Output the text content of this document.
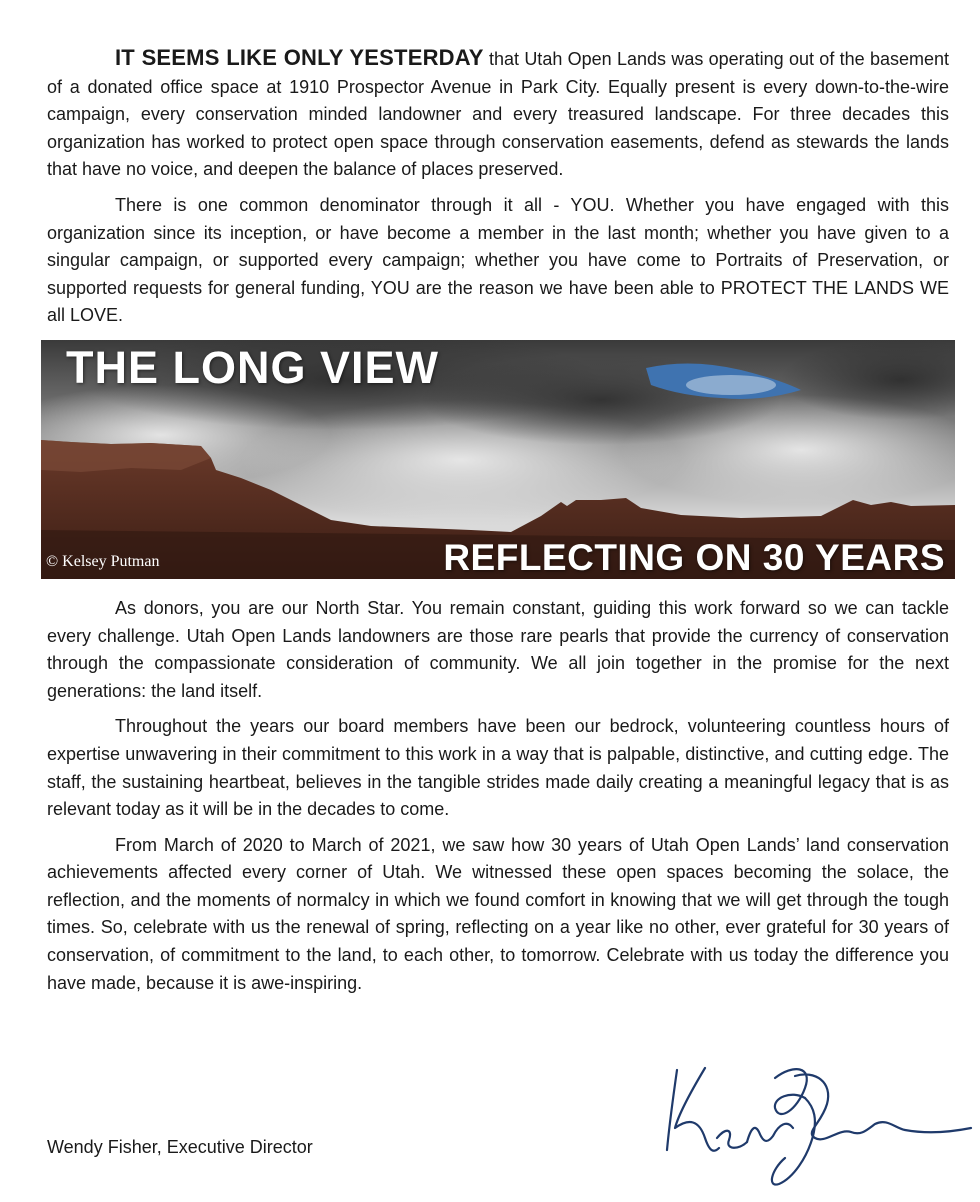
IT SEEMS LIKE ONLY YESTERDAY that Utah Open Lands was operating out of the basement of a donated office space at 1910 Prospector Avenue in Park City. Equally present is every down-to-the-wire campaign, every conservation minded landowner and every treasured landscape. For three decades this organization has worked to protect open space through conservation easements, defend as stewards the lands that have no voice, and deepen the balance of places preserved.

There is one common denominator through it all - YOU. Whether you have engaged with this organization since its inception, or have become a member in the last month; whether you have given to a singular campaign, or supported every campaign; whether you have come to Portraits of Preservation, or supported requests for general funding, YOU are the reason we have been able to PROTECT THE LANDS WE all LOVE.

THE LONG VIEW
© Kelsey Putman	REFLECTING ON 30 YEARS

As donors, you are our North Star. You remain constant, guiding this work forward so we can tackle every challenge. Utah Open Lands landowners are those rare pearls that provide the currency of conservation through the compassionate consideration of community. We all join together in the promise for the next generations: the land itself.

Throughout the years our board members have been our bedrock, volunteering countless hours of expertise unwavering in their commitment to this work in a way that is palpable, distinctive, and cutting edge. The staff, the sustaining heartbeat, believes in the tangible strides made daily creating a meaningful legacy that is as relevant today as it will be in the decades to come.

From March of 2020 to March of 2021, we saw how 30 years of Utah Open Lands’ land conservation achievements affected every corner of Utah. We witnessed these open spaces becoming the solace, the reflection, and the moments of normalcy in which we found comfort in knowing that we will get through the tough times. So, celebrate with us the renewal of spring, reflecting on a year like no other, ever grateful for 30 years of conservation, of commitment to the land, to each other, to tomorrow. Celebrate with us today the difference you have made, because it is awe-inspiring.

Wendy Fisher, Executive Director
